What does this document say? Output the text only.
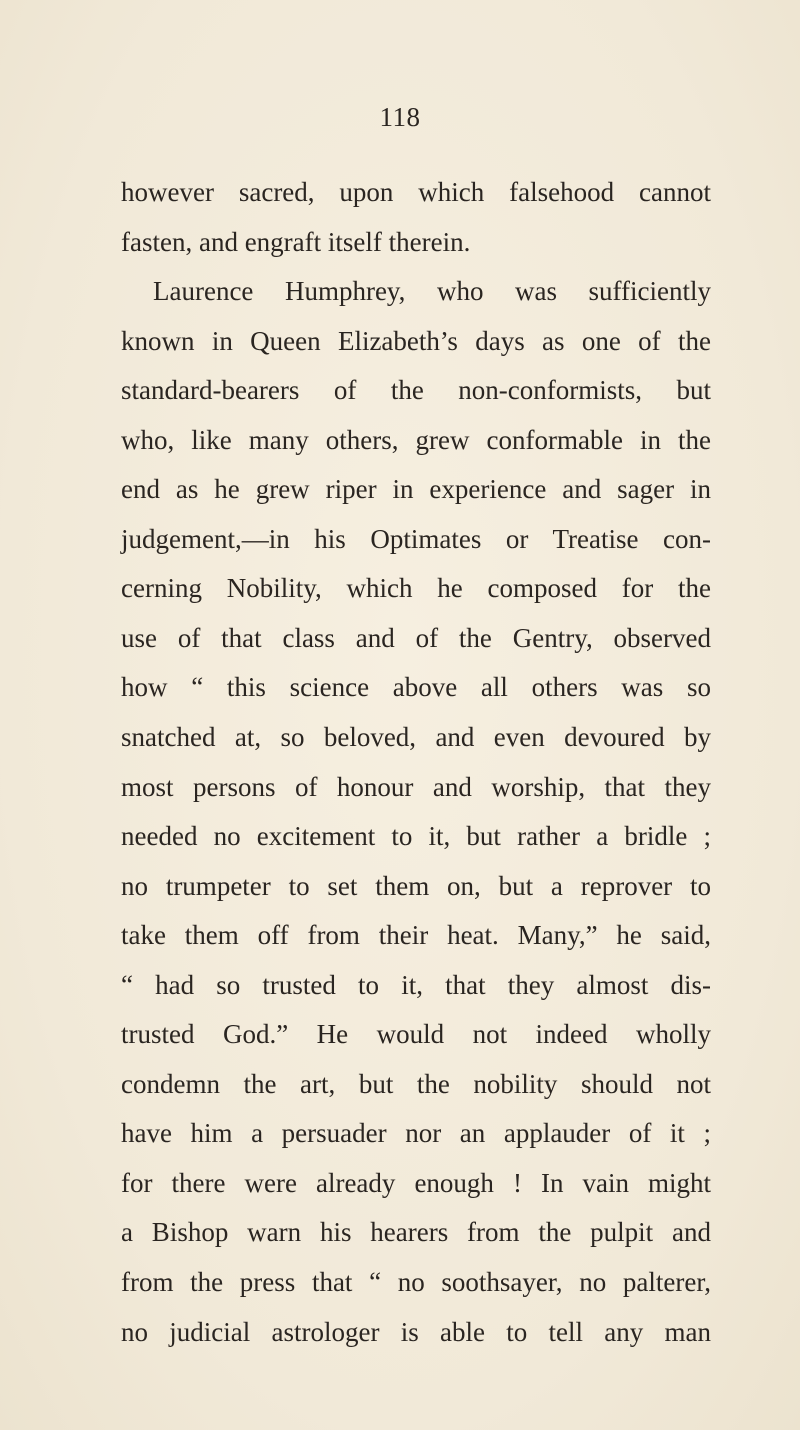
118
however sacred, upon which falsehood cannot
fasten, and engraft itself therein.
Laurence Humphrey, who was sufficiently
known in Queen Elizabeth’s days as one of the
standard-bearers of the non-conformists, but
who, like many others, grew conformable in the
end as he grew riper in experience and sager in
judgement,—in his Optimates or Treatise con-
cerning Nobility, which he composed for the
use of that class and of the Gentry, observed
how “ this science above all others was so
snatched at, so beloved, and even devoured by
most persons of honour and worship, that they
needed no excitement to it, but rather a bridle ;
no trumpeter to set them on, but a reprover to
take them off from their heat. Many,” he said,
“ had so trusted to it, that they almost dis-
trusted God.” He would not indeed wholly
condemn the art, but the nobility should not
have him a persuader nor an applauder of it ;
for there were already enough ! In vain might
a Bishop warn his hearers from the pulpit and
from the press that “ no soothsayer, no palterer,
no judicial astrologer is able to tell any man
